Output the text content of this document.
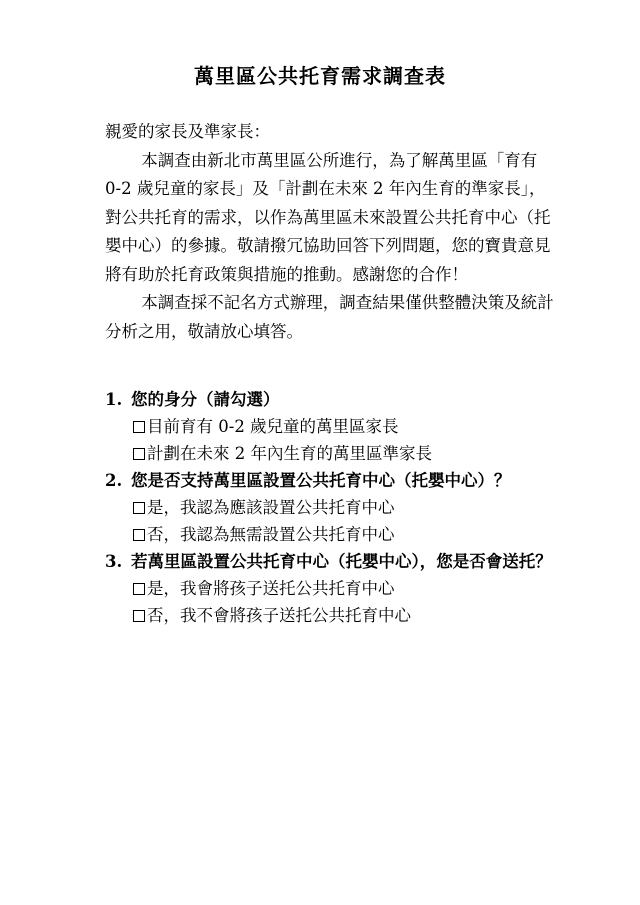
萬里區公共托育需求調查表

親愛的家長及準家長：

本調查由新北市萬里區公所進行，為了解萬里區「育有 0-2 歲兒童的家長」及「計劃在未來 2 年內生育的準家長」，對公共托育的需求，以作為萬里區未來設置公共托育中心（托嬰中心）的參據。敬請撥冗協助回答下列問題，您的寶貴意見將有助於托育政策與措施的推動。感謝您的合作！

本調查採不記名方式辦理，調查結果僅供整體決策及統計分析之用，敬請放心填答。

1. 您的身分（請勾選）
目前育有 0-2 歲兒童的萬里區家長
計劃在未來 2 年內生育的萬里區準家長
2. 您是否支持萬里區設置公共托育中心（托嬰中心）？
是，我認為應該設置公共托育中心
否，我認為無需設置公共托育中心
3. 若萬里區設置公共托育中心（托嬰中心），您是否會送托？
是，我會將孩子送托公共托育中心
否，我不會將孩子送托公共托育中心
